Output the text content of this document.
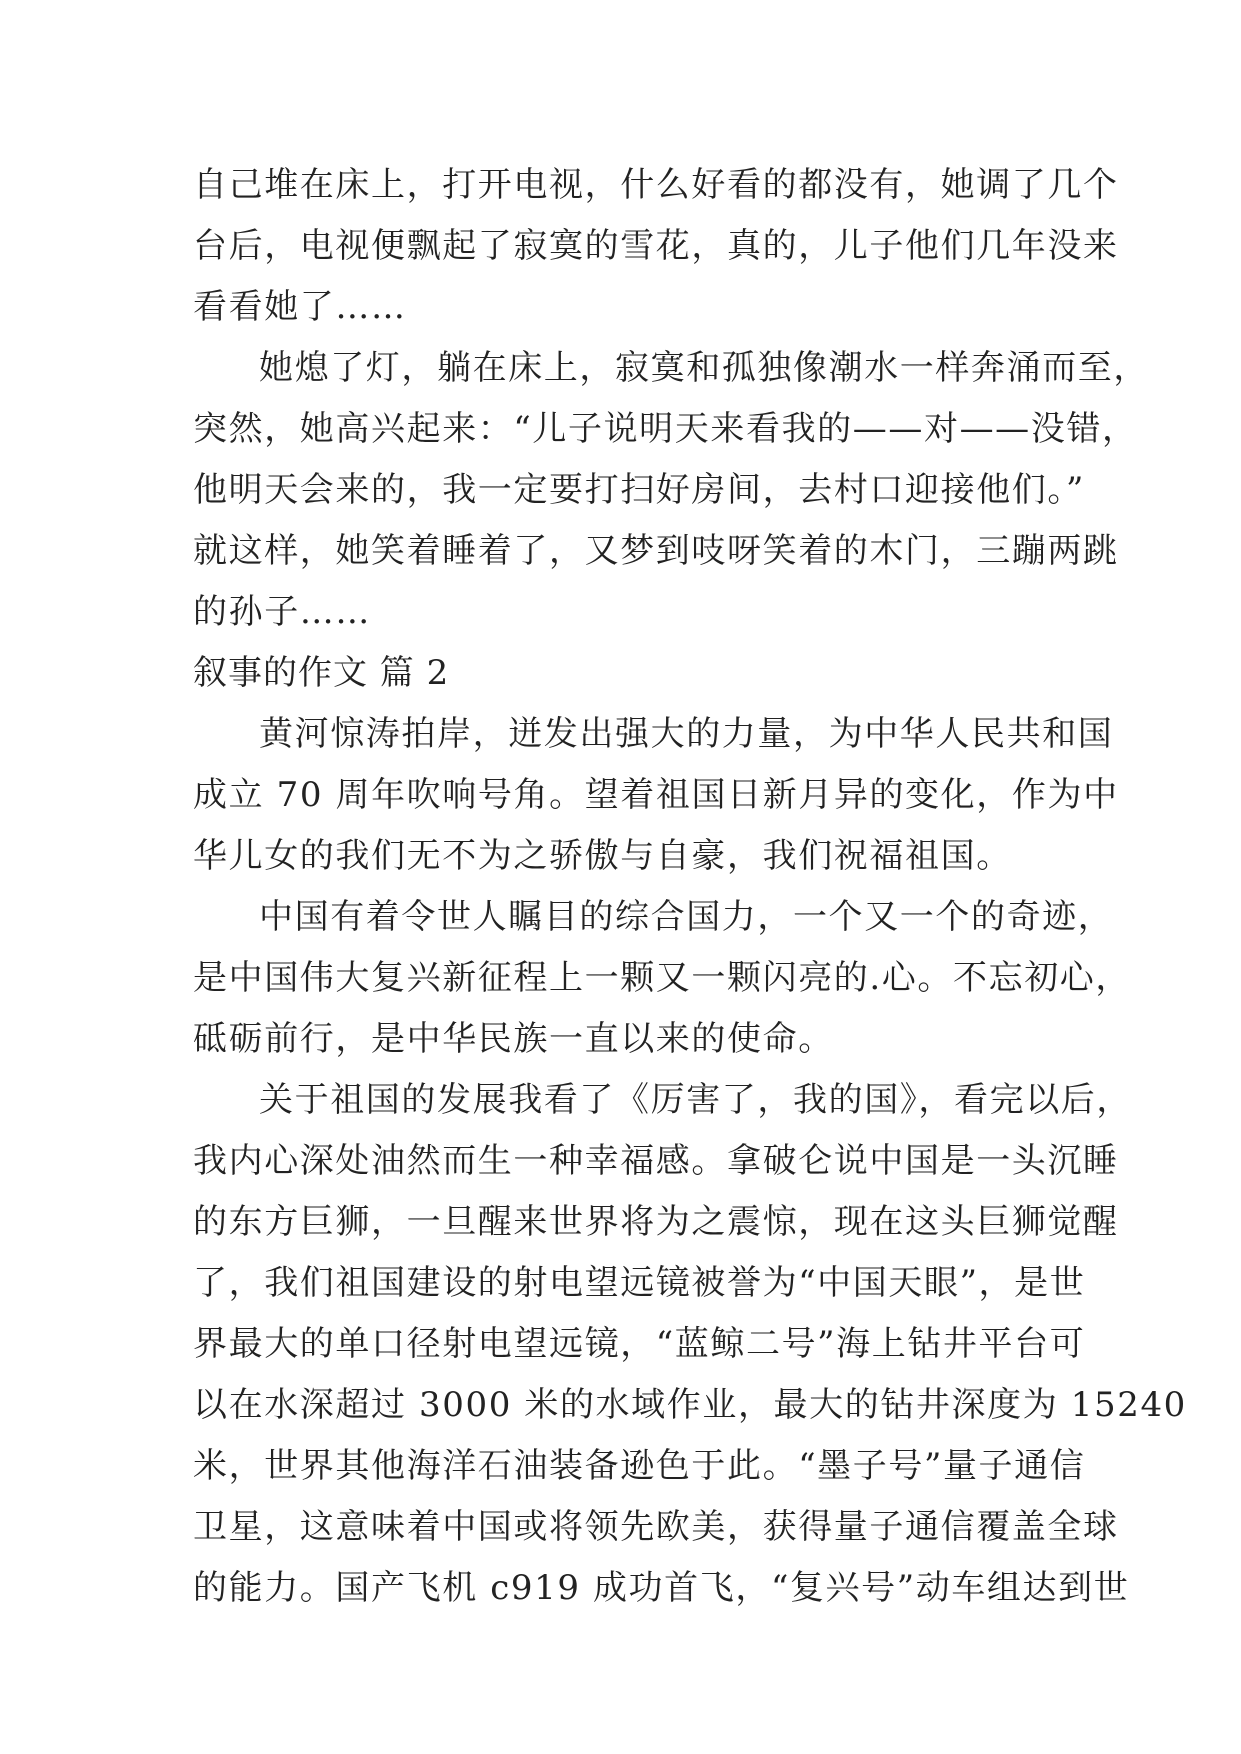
自己堆在床上，打开电视，什么好看的都没有，她调了几个
台后，电视便飘起了寂寞的雪花，真的，儿子他们几年没来
看看她了……
她熄了灯，躺在床上，寂寞和孤独像潮水一样奔涌而至，
突然，她高兴起来：“儿子说明天来看我的——对——没错，
他明天会来的，我一定要打扫好房间，去村口迎接他们。”
就这样，她笑着睡着了，又梦到吱呀笑着的木门，三蹦两跳
的孙子……
叙事的作文 篇 2
黄河惊涛拍岸，迸发出强大的力量，为中华人民共和国
成立 70 周年吹响号角。望着祖国日新月异的变化，作为中
华儿女的我们无不为之骄傲与自豪，我们祝福祖国。
中国有着令世人瞩目的综合国力，一个又一个的奇迹，
是中国伟大复兴新征程上一颗又一颗闪亮的.心。不忘初心，
砥砺前行，是中华民族一直以来的使命。
关于祖国的发展我看了《厉害了，我的国》，看完以后，
我内心深处油然而生一种幸福感。拿破仑说中国是一头沉睡
的东方巨狮，一旦醒来世界将为之震惊，现在这头巨狮觉醒
了，我们祖国建设的射电望远镜被誉为“中国天眼”，是世
界最大的单口径射电望远镜，“蓝鲸二号”海上钻井平台可
以在水深超过 3000 米的水域作业，最大的钻井深度为 15240
米，世界其他海洋石油装备逊色于此。“墨子号”量子通信
卫星，这意味着中国或将领先欧美，获得量子通信覆盖全球
的能力。国产飞机 c919 成功首飞，“复兴号”动车组达到世
